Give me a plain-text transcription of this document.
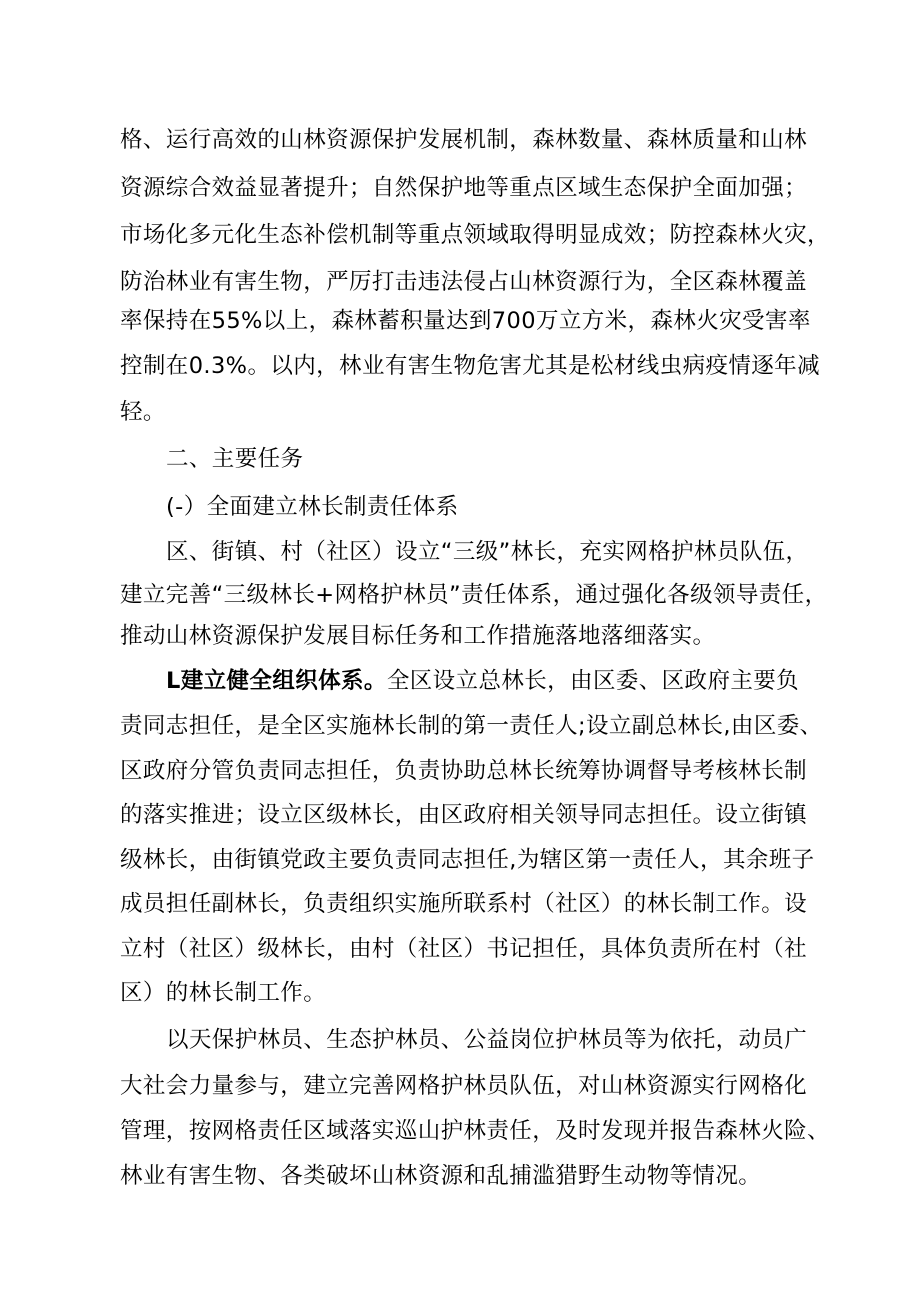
格、运行高效的山林资源保护发展机制，森林数量、森林质量和山林
资源综合效益显著提升；自然保护地等重点区域生态保护全面加强；
市场化多元化生态补偿机制等重点领域取得明显成效；防控森林火灾，
防治林业有害生物，严厉打击违法侵占山林资源行为，全区森林覆盖
率保持在55%以上，森林蓄积量达到700万立方米，森林火灾受害率
控制在0.3%。以内，林业有害生物危害尤其是松材线虫病疫情逐年减
轻。
二、主要任务
(-）全面建立林长制责任体系
区、街镇、村（社区）设立“三级”林长，充实网格护林员队伍，
建立完善“三级林长+网格护林员”责任体系，通过强化各级领导责任，
推动山林资源保护发展目标任务和工作措施落地落细落实。
L建立健全组织体系。全区设立总林长，由区委、区政府主要负
责同志担任，是全区实施林长制的第一责任人;设立副总林长,由区委、
区政府分管负责同志担任，负责协助总林长统筹协调督导考核林长制
的落实推进；设立区级林长，由区政府相关领导同志担任。设立街镇
级林长，由街镇党政主要负责同志担任,为辖区第一责任人，其余班子
成员担任副林长，负责组织实施所联系村（社区）的林长制工作。设
立村（社区）级林长，由村（社区）书记担任，具体负责所在村（社
区）的林长制工作。
以天保护林员、生态护林员、公益岗位护林员等为依托，动员广
大社会力量参与，建立完善网格护林员队伍，对山林资源实行网格化
管理，按网格责任区域落实巡山护林责任，及时发现并报告森林火险、
林业有害生物、各类破坏山林资源和乱捕滥猎野生动物等情况。
